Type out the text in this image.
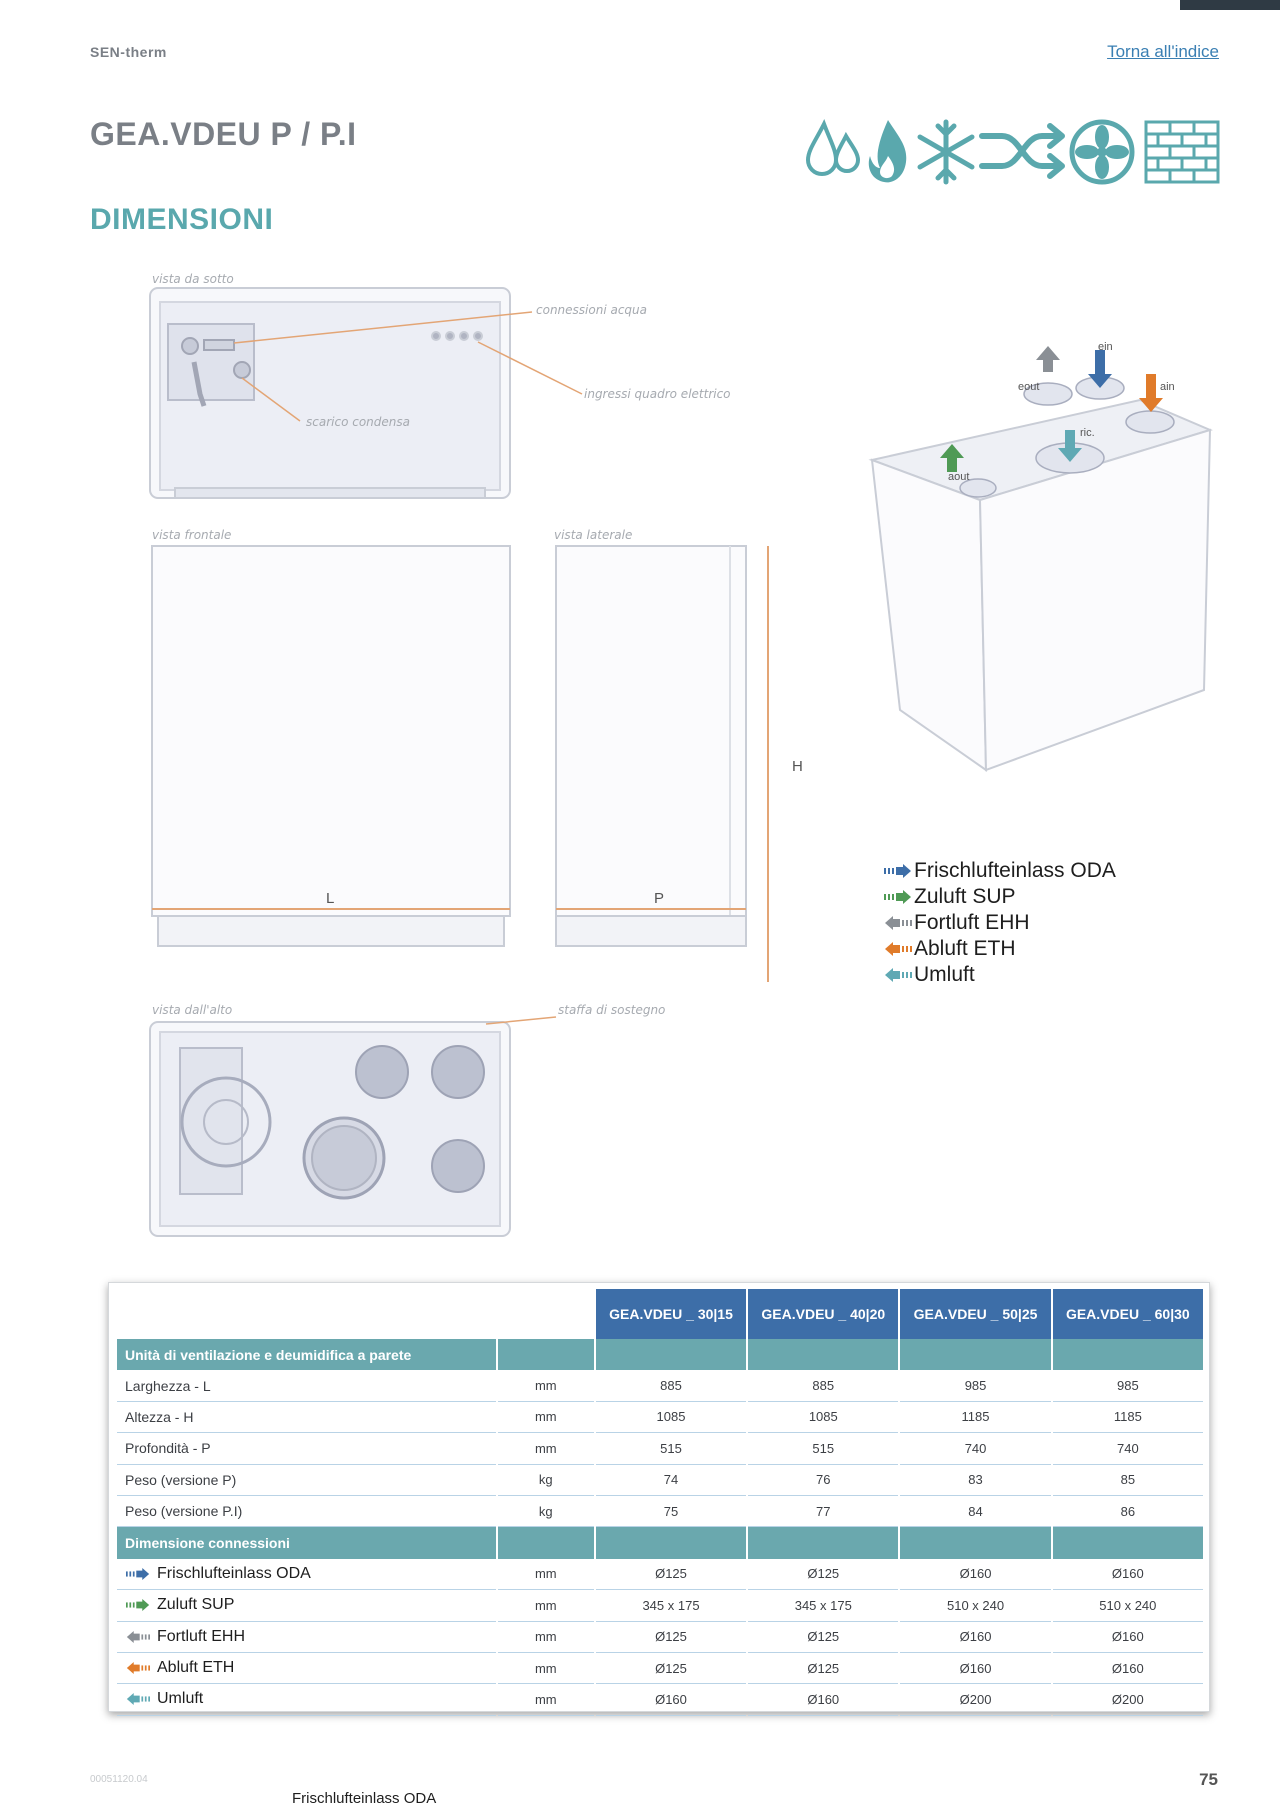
SEN-therm	Torna all'indice
GEA.VDEU P / P.I
DIMENSIONI
vista da sotto
connessioni acqua
ingressi quadro elettrico
scarico condensa
vista frontale
L
vista laterale
P
H
vista dall'alto	staffa di sostegno
ein
eout	ain
ric.
aout
Frischlufteinlass ODA
Zuluft SUP
Fortluft EHH
Abluft ETH
Umluft
		GEA.VDEU _ 30|15	GEA.VDEU _ 40|20	GEA.VDEU _ 50|25	GEA.VDEU _ 60|30
Unità di ventilazione e deumidifica a parete					
Larghezza - L	mm	885	885	985	985
Altezza - H	mm	1085	1085	1185	1185
Profondità - P	mm	515	515	740	740
Peso (versione P)	kg	74	76	83	85
Peso (versione P.I)	kg	75	77	84	86
Dimensione connessioni					

Frischlufteinlass ODA	mm	Ø125	Ø125	Ø160	Ø160

Zuluft SUP	mm	345 x 175	345 x 175	510 x 240	510 x 240

Fortluft EHH	mm	Ø125	Ø125	Ø160	Ø160

Abluft ETH	mm	Ø125	Ø125	Ø160	Ø160

Umluft	mm	Ø160	Ø160	Ø200	Ø200
00051120.04	75
Frischlufteinlass ODA
